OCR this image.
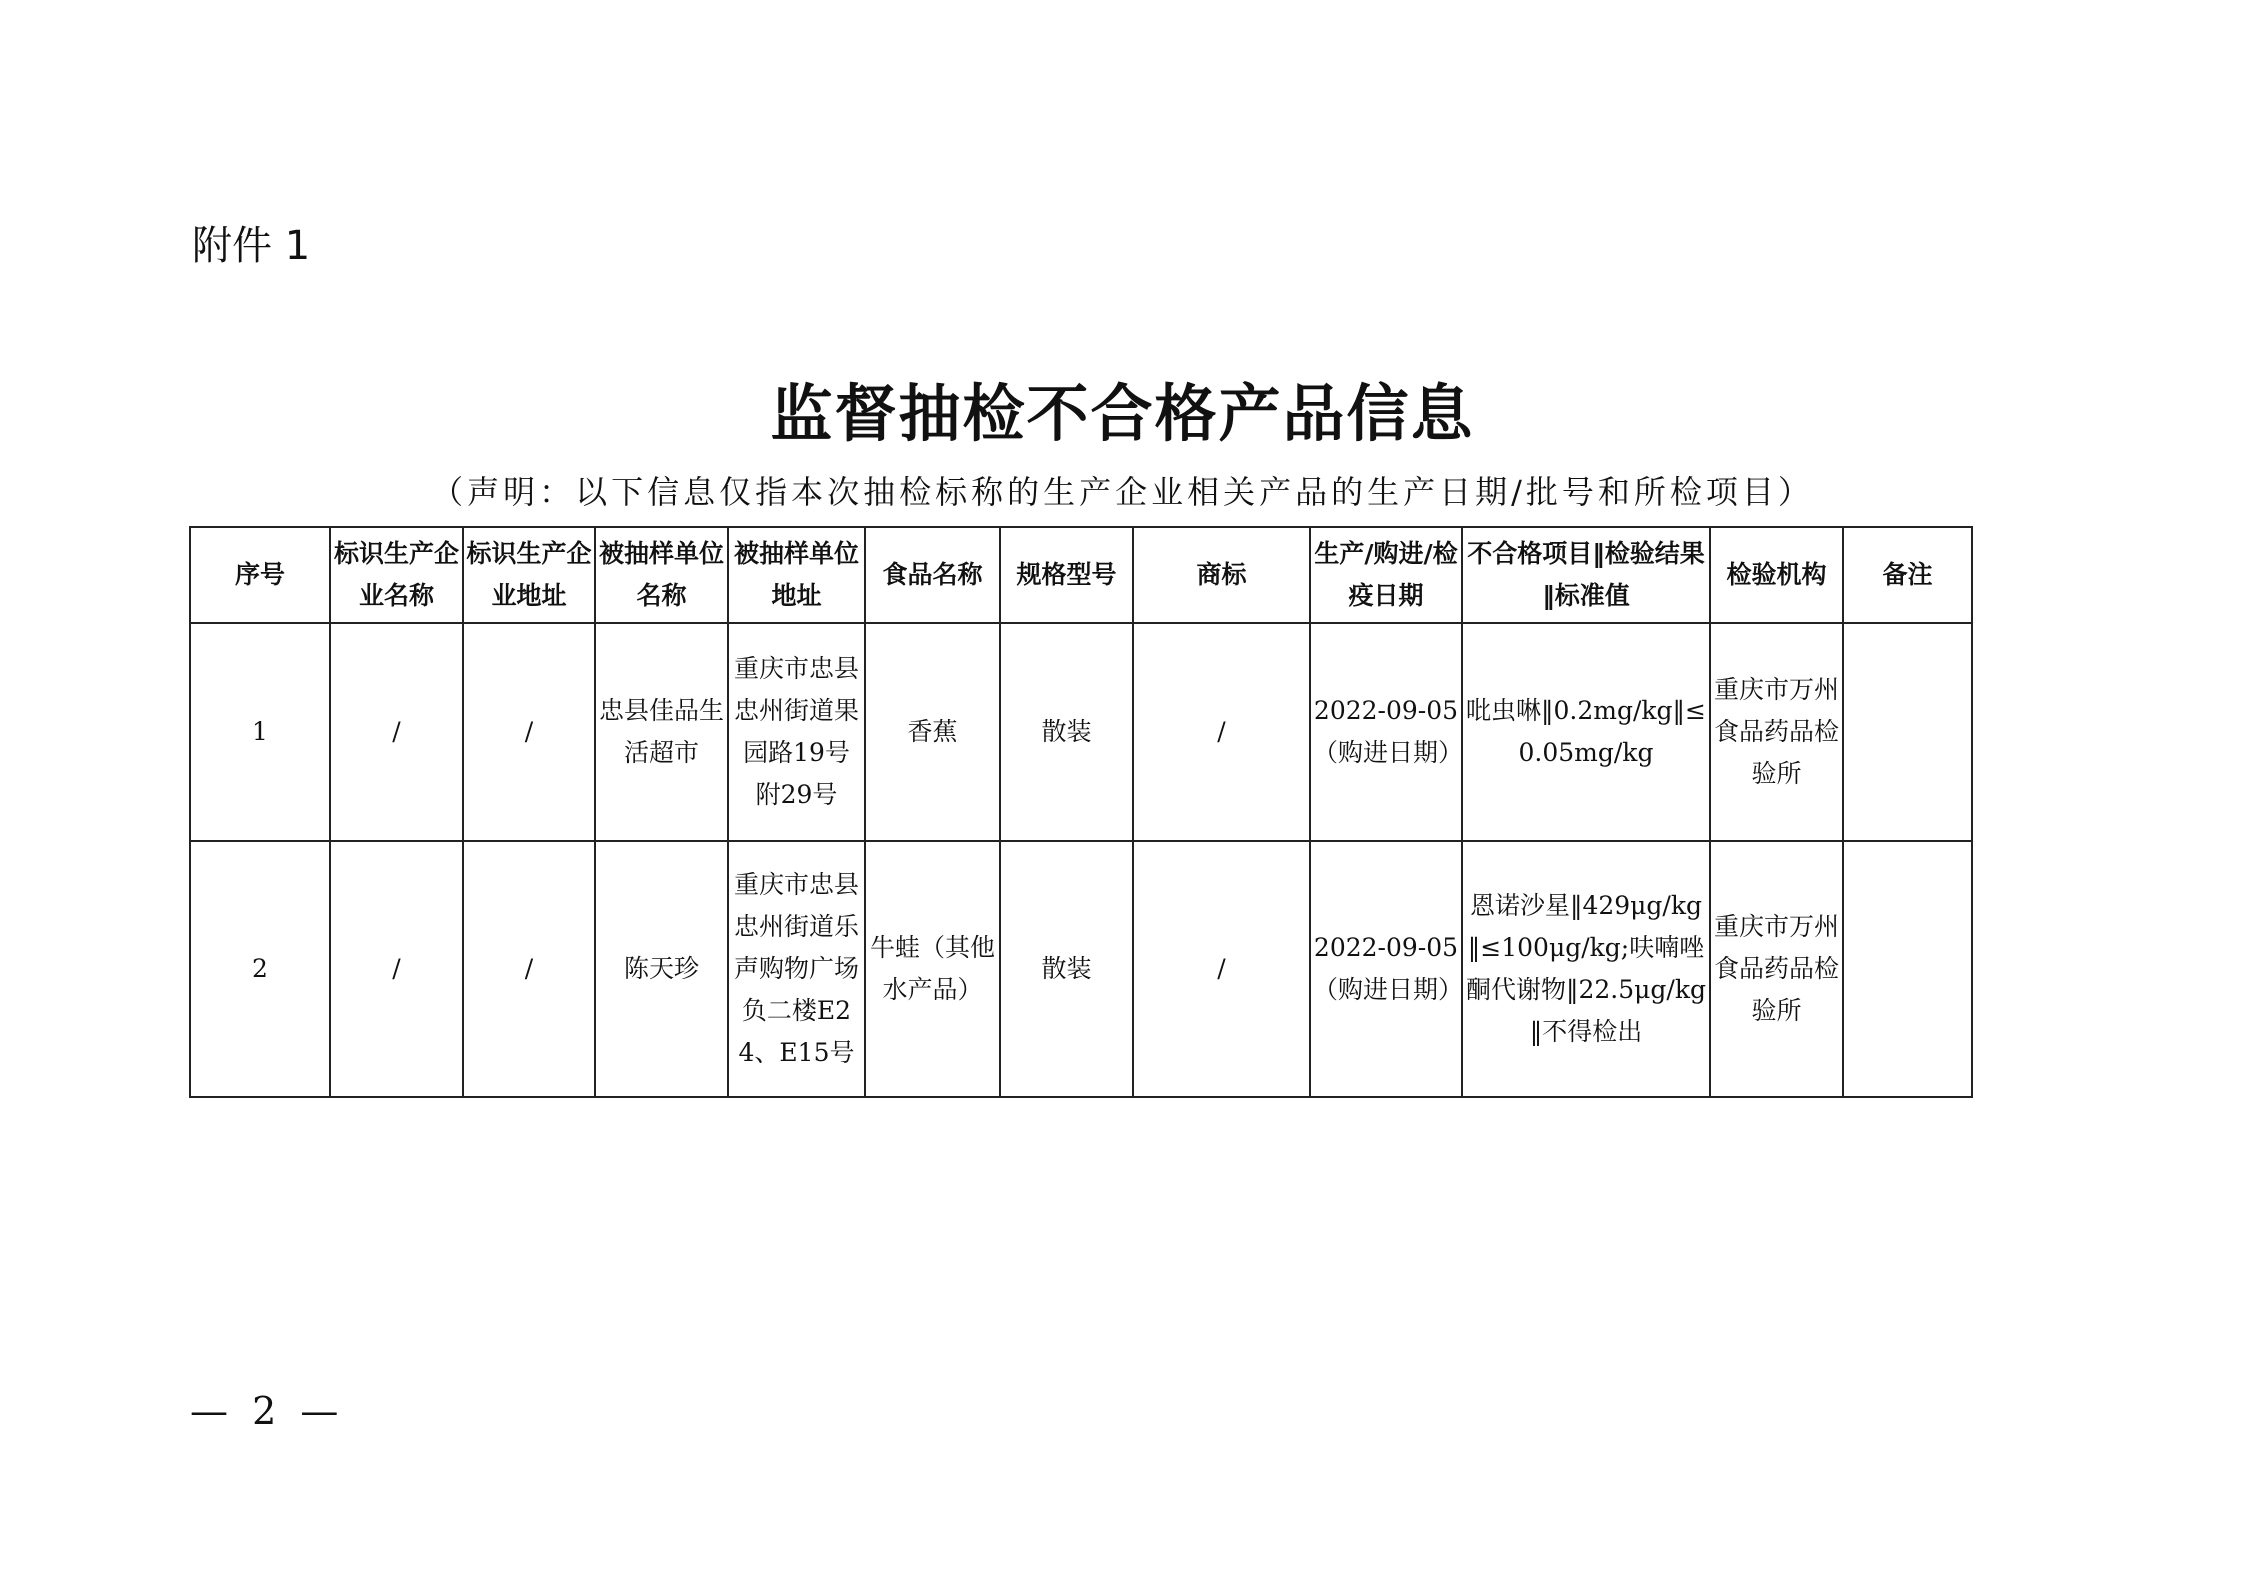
附件 1
监督抽检不合格产品信息
（声明：以下信息仅指本次抽检标称的生产企业相关产品的生产日期/批号和所检项目）
序号	标识生产企业名称	标识生产企业地址	被抽样单位名称	被抽样单位地址	食品名称	规格型号	商标	生产/购进/检疫日期	不合格项目‖检验结果‖标准值	检验机构	备注
1	/	/	忠县佳品生活超市	重庆市忠县忠州街道果园路19号附29号	香蕉	散装	/	2022-09-05（购进日期）	吡虫啉‖0.2mg/kg‖≤0.05mg/kg	重庆市万州食品药品检验所	
2	/	/	陈天珍	重庆市忠县忠州街道乐声购物广场负二楼E24、E15号	牛蛙（其他水产品）	散装	/	2022-09-05（购进日期）	恩诺沙星‖429μg/kg‖≤100μg/kg;呋喃唑酮代谢物‖22.5μg/kg‖不得检出	重庆市万州食品药品检验所	
— 2 —
